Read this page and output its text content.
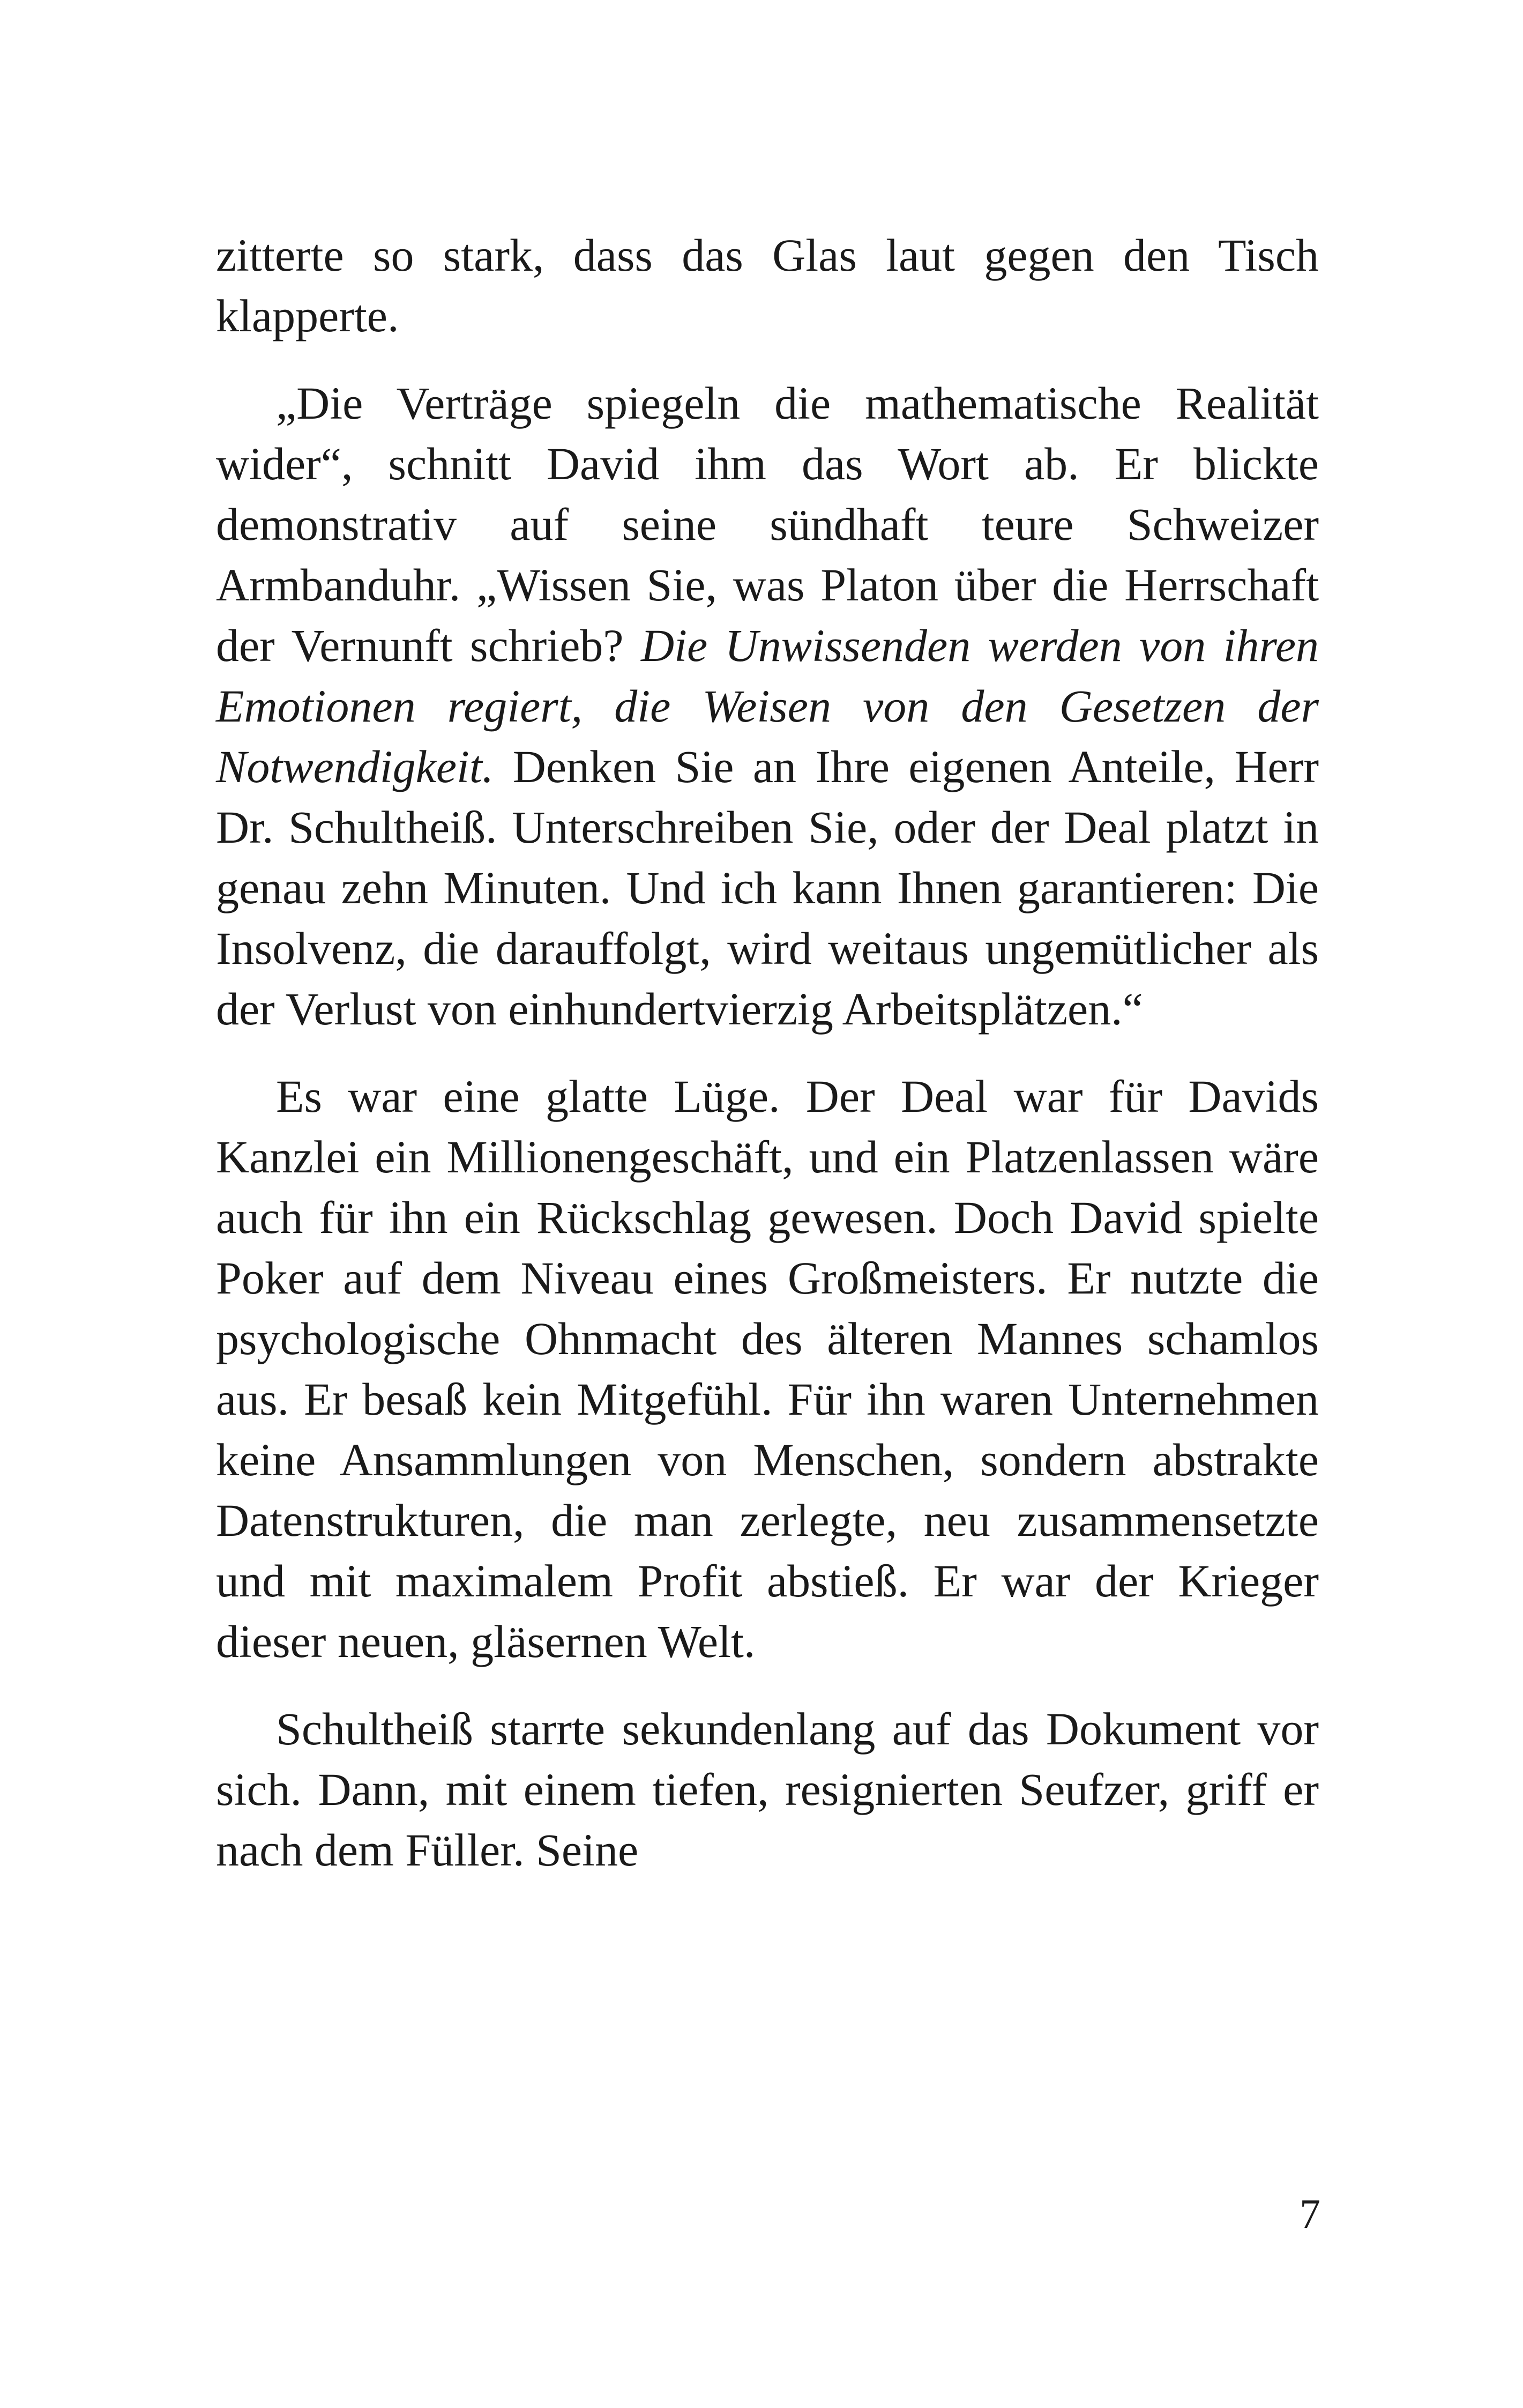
zitterte so stark, dass das Glas laut gegen den Tisch klapperte.

„Die Verträge spiegeln die mathematische Realität wider“, schnitt David ihm das Wort ab. Er blickte demonstrativ auf seine sündhaft teure Schweizer Armbanduhr. „Wissen Sie, was Platon über die Herrschaft der Vernunft schrieb? Die Unwissenden werden von ihren Emotionen regiert, die Weisen von den Gesetzen der Notwendigkeit. Denken Sie an Ihre eigenen Anteile, Herr Dr. Schultheiß. Unterschreiben Sie, oder der Deal platzt in genau zehn Minuten. Und ich kann Ihnen garantieren: Die Insolvenz, die darauffolgt, wird weitaus ungemütlicher als der Verlust von einhundertvierzig Arbeitsplätzen.“

Es war eine glatte Lüge. Der Deal war für Davids Kanzlei ein Millionengeschäft, und ein Platzenlassen wäre auch für ihn ein Rückschlag gewesen. Doch David spielte Poker auf dem Niveau eines Großmeisters. Er nutzte die psychologische Ohnmacht des älteren Mannes schamlos aus. Er besaß kein Mitgefühl. Für ihn waren Unternehmen keine Ansammlungen von Menschen, sondern abstrakte Datenstrukturen, die man zerlegte, neu zusammensetzte und mit maximalem Profit abstieß. Er war der Krieger dieser neuen, gläsernen Welt.

Schultheiß starrte sekundenlang auf das Dokument vor sich. Dann, mit einem tiefen, resignierten Seufzer, griff er nach dem Füller. Seine

7
